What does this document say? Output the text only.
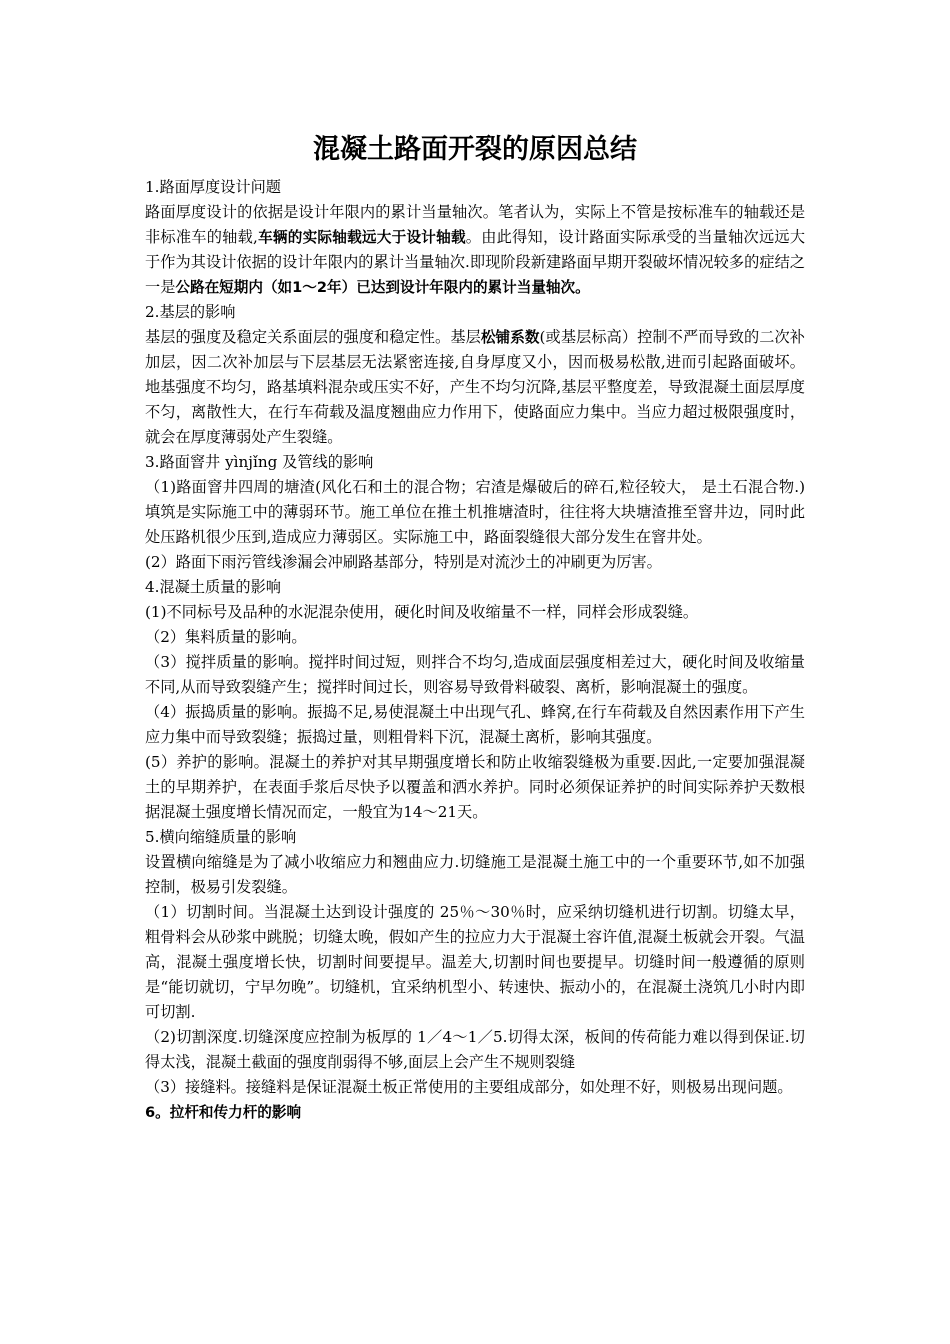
混凝土路面开裂的原因总结

1.路面厚度设计问题

路面厚度设计的依据是设计年限内的累计当量轴次。笔者认为，实际上不管是按标准车的轴载还是非标准车的轴载,车辆的实际轴载远大于设计轴载。由此得知，设计路面实际承受的当量轴次远远大于作为其设计依据的设计年限内的累计当量轴次.即现阶段新建路面早期开裂破坏情况较多的症结之一是公路在短期内（如1～2年）已达到设计年限内的累计当量轴次。

2.基层的影响

基层的强度及稳定关系面层的强度和稳定性。基层松铺系数(或基层标高）控制不严而导致的二次补加层，因二次补加层与下层基层无法紧密连接,自身厚度又小，因而极易松散,进而引起路面破坏。地基强度不均匀，路基填料混杂或压实不好，产生不均匀沉降,基层平整度差，导致混凝土面层厚度不匀，离散性大，在行车荷载及温度翘曲应力作用下，使路面应力集中。当应力超过极限强度时，就会在厚度薄弱处产生裂缝。

3.路面窨井 yìnjǐng 及管线的影响

（1)路面窨井四周的塘渣(风化石和土的混合物；宕渣是爆破后的碎石,粒径较大， 是土石混合物.)填筑是实际施工中的薄弱环节。施工单位在推土机推塘渣时，往往将大块塘渣推至窨井边，同时此处压路机很少压到,造成应力薄弱区。实际施工中，路面裂缝很大部分发生在窨井处。

(2）路面下雨污管线渗漏会冲刷路基部分，特别是对流沙土的冲刷更为厉害。

4.混凝土质量的影响

(1)不同标号及品种的水泥混杂使用，硬化时间及收缩量不一样，同样会形成裂缝。

（2）集料质量的影响。

（3）搅拌质量的影响。搅拌时间过短，则拌合不均匀,造成面层强度相差过大，硬化时间及收缩量不同,从而导致裂缝产生；搅拌时间过长，则容易导致骨料破裂、离析，影响混凝土的强度。

（4）振捣质量的影响。振捣不足,易使混凝土中出现气孔、蜂窝,在行车荷载及自然因素作用下产生应力集中而导致裂缝；振捣过量，则粗骨料下沉，混凝土离析，影响其强度。

(5）养护的影响。混凝土的养护对其早期强度增长和防止收缩裂缝极为重要.因此,一定要加强混凝土的早期养护，在表面手浆后尽快予以覆盖和洒水养护。同时必须保证养护的时间实际养护天数根据混凝土强度增长情况而定，一般宜为14～21天。

5.横向缩缝质量的影响

设置横向缩缝是为了减小收缩应力和翘曲应力.切缝施工是混凝土施工中的一个重要环节,如不加强控制，极易引发裂缝。

（1）切割时间。当混凝土达到设计强度的 25％～30％时，应采纳切缝机进行切割。切缝太早，粗骨料会从砂浆中跳脱；切缝太晚，假如产生的拉应力大于混凝土容许值,混凝土板就会开裂。气温高，混凝土强度增长快，切割时间要提早。温差大,切割时间也要提早。切缝时间一般遵循的原则是“能切就切，宁早勿晚”。切缝机，宜采纳机型小、转速快、振动小的，在混凝土浇筑几小时内即可切割.

（2)切割深度.切缝深度应控制为板厚的 1／4～1／5.切得太深，板间的传荷能力难以得到保证.切得太浅，混凝土截面的强度削弱得不够,面层上会产生不规则裂缝

（3）接缝料。接缝料是保证混凝土板正常使用的主要组成部分，如处理不好，则极易出现问题。

6。拉杆和传力杆的影响
